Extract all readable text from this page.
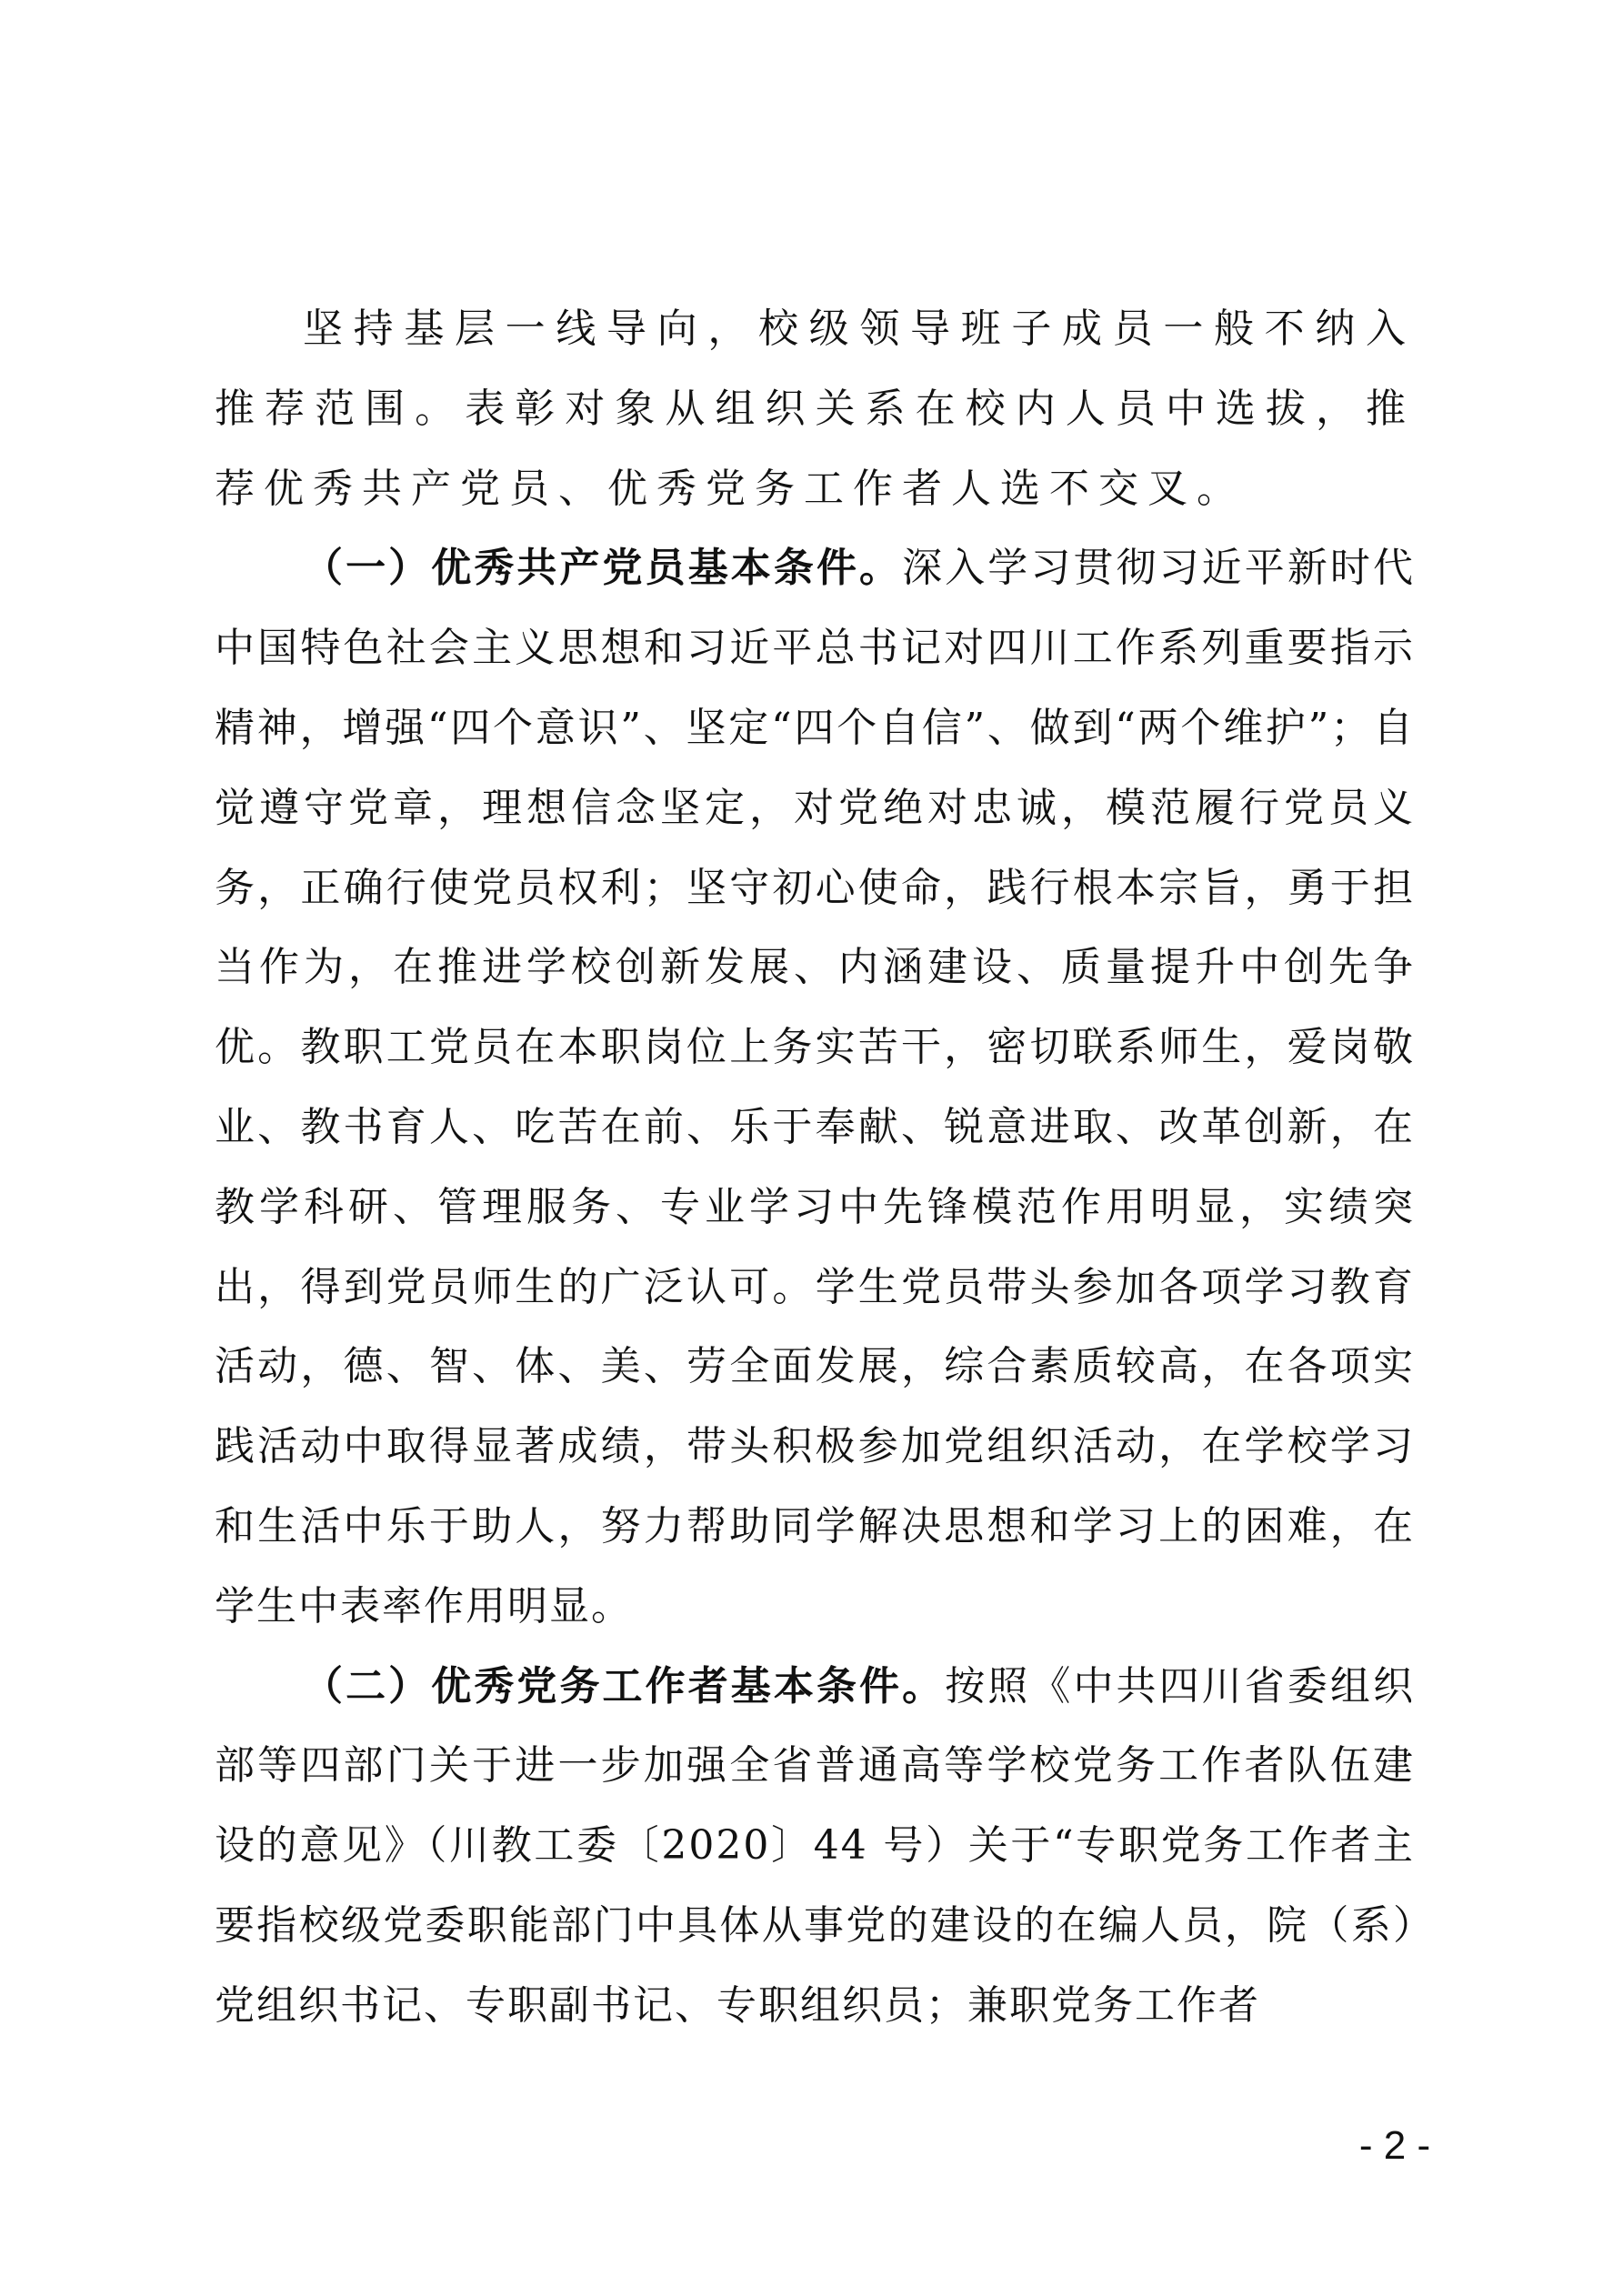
坚持基层一线导向，校级领导班子成员一般不纳入推荐范围。表彰对象从组织关系在校内人员中选拔，推荐优秀共产党员、优秀党务工作者人选不交叉。

（一）优秀共产党员基本条件。深入学习贯彻习近平新时代中国特色社会主义思想和习近平总书记对四川工作系列重要指示精神，增强“四个意识”、坚定“四个自信”、做到“两个维护”；自觉遵守党章，理想信念坚定，对党绝对忠诚，模范履行党员义务，正确行使党员权利；坚守初心使命，践行根本宗旨，勇于担当作为，在推进学校创新发展、内涵建设、质量提升中创先争优。教职工党员在本职岗位上务实苦干，密切联系师生，爱岗敬业、教书育人、吃苦在前、乐于奉献、锐意进取、改革创新，在教学科研、管理服务、专业学习中先锋模范作用明显，实绩突出，得到党员师生的广泛认可。学生党员带头参加各项学习教育活动，德、智、体、美、劳全面发展，综合素质较高，在各项实践活动中取得显著成绩，带头积极参加党组织活动，在学校学习和生活中乐于助人，努力帮助同学解决思想和学习上的困难，在学生中表率作用明显。

（二）优秀党务工作者基本条件。按照《中共四川省委组织部等四部门关于进一步加强全省普通高等学校党务工作者队伍建设的意见》（川教工委〔2020〕44 号）关于“专职党务工作者主要指校级党委职能部门中具体从事党的建设的在编人员，院（系）党组织书记、专职副书记、专职组织员；兼职党务工作者

- 2 -
